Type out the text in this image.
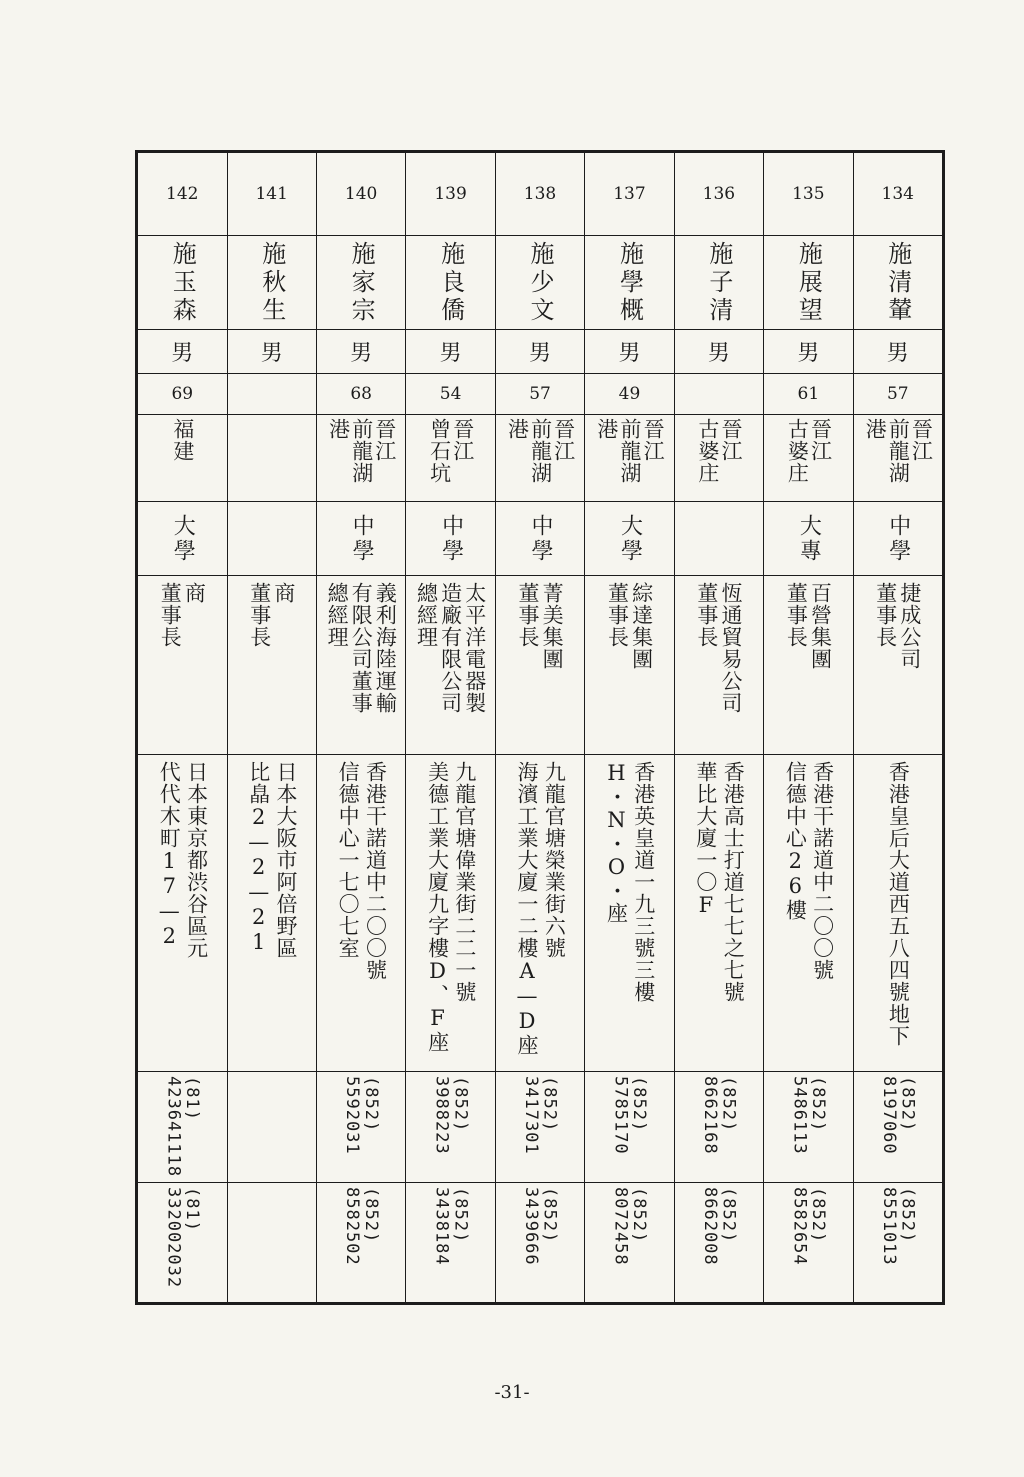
134
施清輦
男
57
晉江
前龍湖港
中學
捷成公司
董事長
香港皇后大道西五八四號地下
(852)
8197060
(852)
8551013
135
施展望
男
61
晉江
古婆庄
大專
百營集團
董事長
香港干諾道中二〇〇號
信德中心26樓
(852)
5486113
(852)
8582654
136
施子清
男
晉江
古婆庄
恆通貿易公司
董事長
香港高士打道七七之七號
華比大廈一〇F
(852)
8662168
(852)
8662008
137
施學概
男
49
晉江
前龍湖港
大學
綜達集團
董事長
香港英皇道一九三號三樓
H・N・O・座
(852)
5785170
(852)
8072458
138
施少文
男
57
晉江
前龍湖港
中學
菁美集團
董事長
九龍官塘榮業街六號
海濱工業大廈一二樓A—D座
(852)
3417301
(852)
3439666
139
施良僑
男
54
晉江
曾石坑
中學
太平洋電器製
造廠有限公司
總經理
九龍官塘偉業街二二一號
美德工業大廈九字樓D、F座
(852)
3988223
(852)
3438184
140
施家宗
男
68
晉江
前龍湖港
中學
義利海陸運輸
有限公司董事
總經理
香港干諾道中二〇〇號
信德中心一七〇七室
(852)
5592031
(852)
8582502
141
施秋生
男
商
董事長
日本大阪市阿倍野區
比皛2—2—21
142
施玉森
男
69
福建
大學
商
董事長
日本東京都渋谷區元
代代木町17—2
(81)
423641118
(81)
332002032
-31-
